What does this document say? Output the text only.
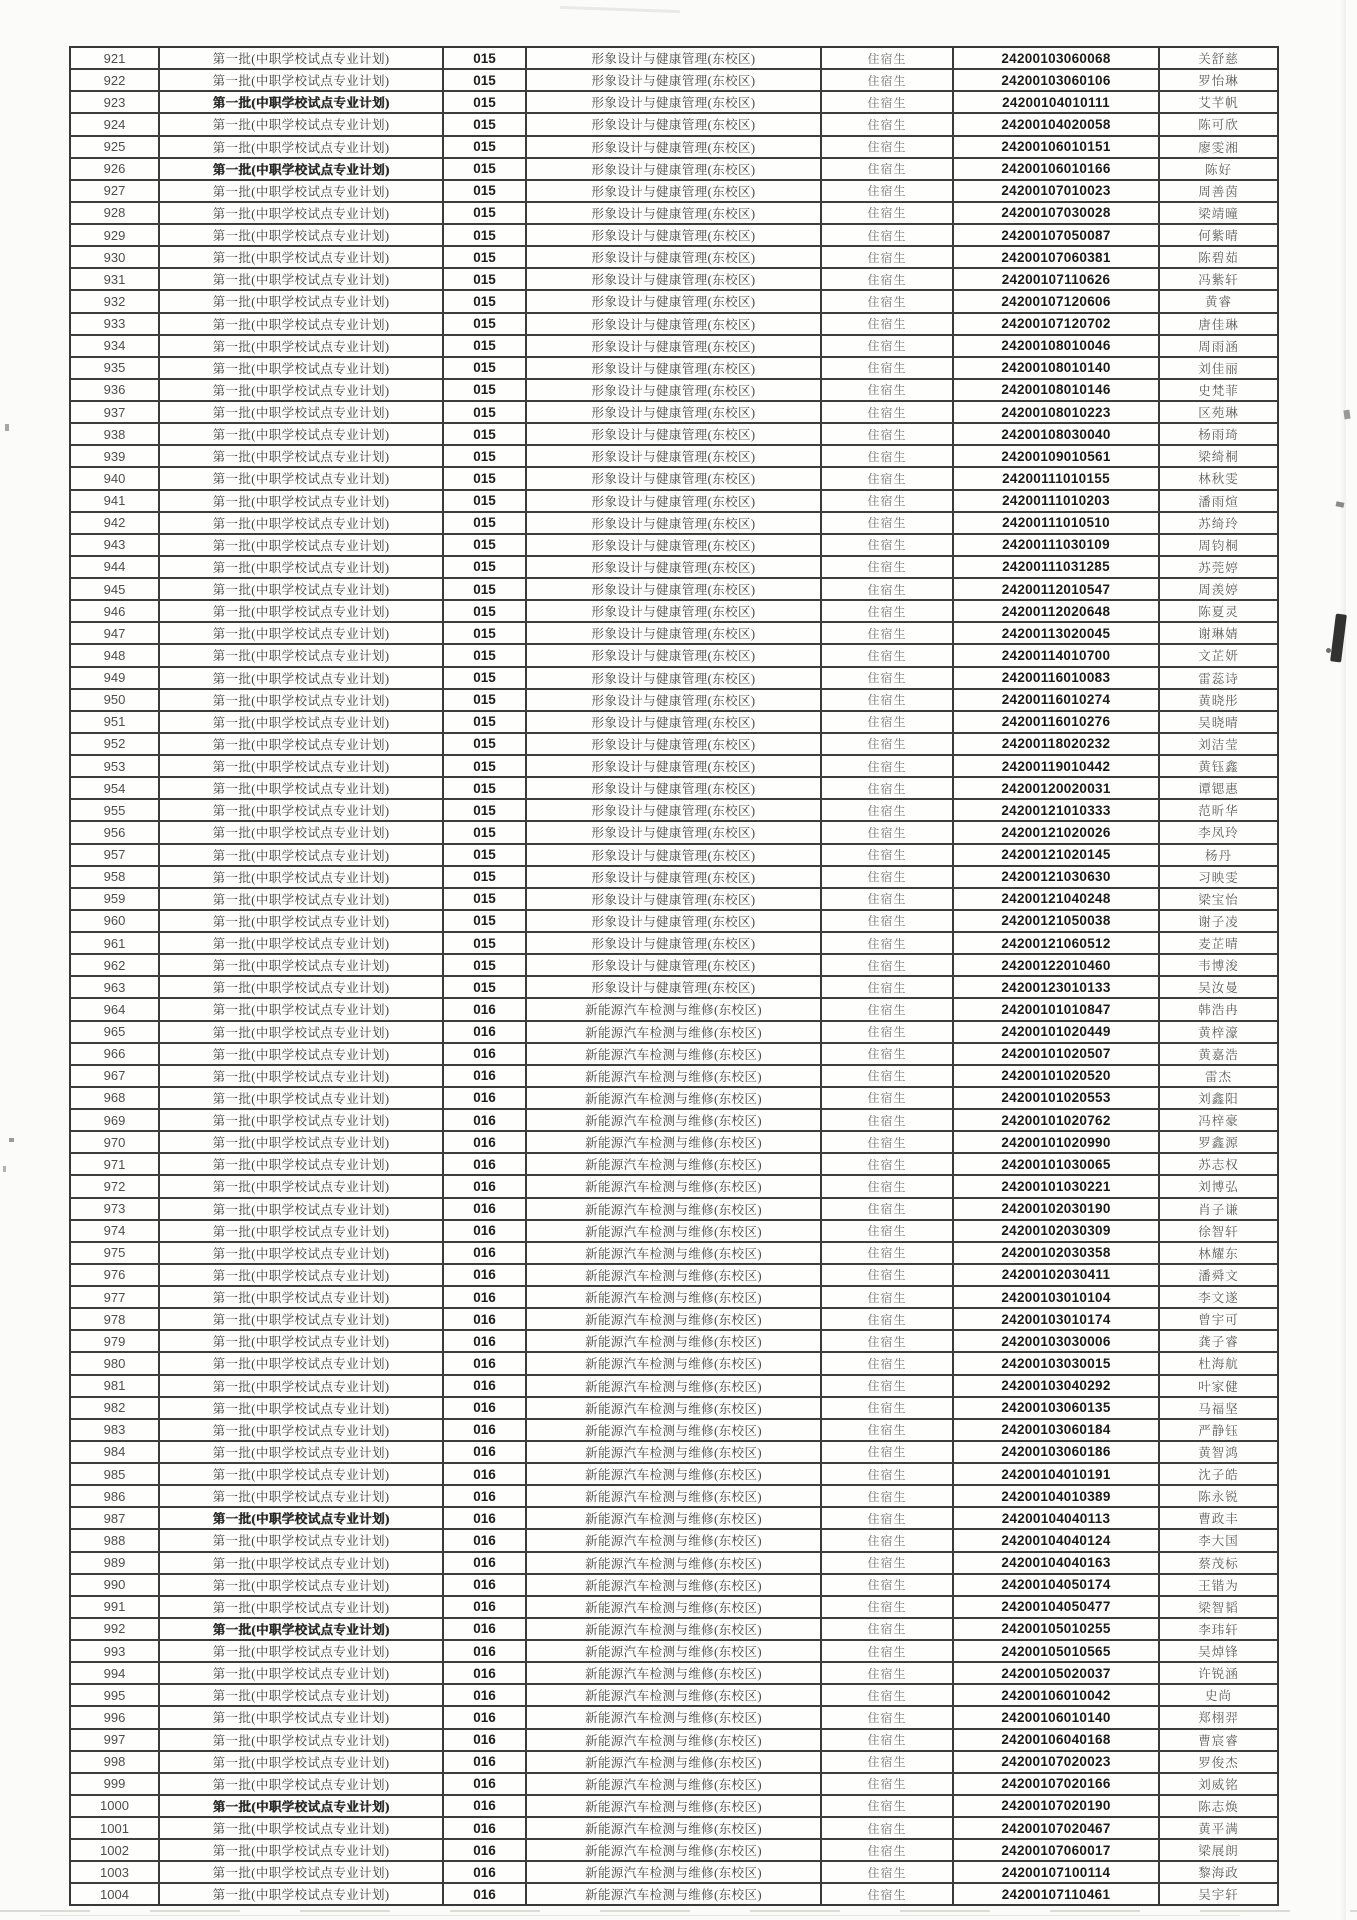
921	第一批(中职学校试点专业计划)	015	形象设计与健康管理(东校区)	住宿生	24200103060068	关舒慈
922	第一批(中职学校试点专业计划)	015	形象设计与健康管理(东校区)	住宿生	24200103060106	罗怡琳
923	第一批(中职学校试点专业计划)	015	形象设计与健康管理(东校区)	住宿生	24200104010111	艾芊帆
924	第一批(中职学校试点专业计划)	015	形象设计与健康管理(东校区)	住宿生	24200104020058	陈可欣
925	第一批(中职学校试点专业计划)	015	形象设计与健康管理(东校区)	住宿生	24200106010151	廖雯湘
926	第一批(中职学校试点专业计划)	015	形象设计与健康管理(东校区)	住宿生	24200106010166	陈好
927	第一批(中职学校试点专业计划)	015	形象设计与健康管理(东校区)	住宿生	24200107010023	周善茵
928	第一批(中职学校试点专业计划)	015	形象设计与健康管理(东校区)	住宿生	24200107030028	梁靖曈
929	第一批(中职学校试点专业计划)	015	形象设计与健康管理(东校区)	住宿生	24200107050087	何紫晴
930	第一批(中职学校试点专业计划)	015	形象设计与健康管理(东校区)	住宿生	24200107060381	陈碧茹
931	第一批(中职学校试点专业计划)	015	形象设计与健康管理(东校区)	住宿生	24200107110626	冯紫轩
932	第一批(中职学校试点专业计划)	015	形象设计与健康管理(东校区)	住宿生	24200107120606	黄睿
933	第一批(中职学校试点专业计划)	015	形象设计与健康管理(东校区)	住宿生	24200107120702	唐佳琳
934	第一批(中职学校试点专业计划)	015	形象设计与健康管理(东校区)	住宿生	24200108010046	周雨涵
935	第一批(中职学校试点专业计划)	015	形象设计与健康管理(东校区)	住宿生	24200108010140	刘佳丽
936	第一批(中职学校试点专业计划)	015	形象设计与健康管理(东校区)	住宿生	24200108010146	史梵菲
937	第一批(中职学校试点专业计划)	015	形象设计与健康管理(东校区)	住宿生	24200108010223	区苑琳
938	第一批(中职学校试点专业计划)	015	形象设计与健康管理(东校区)	住宿生	24200108030040	杨雨琦
939	第一批(中职学校试点专业计划)	015	形象设计与健康管理(东校区)	住宿生	24200109010561	梁绮桐
940	第一批(中职学校试点专业计划)	015	形象设计与健康管理(东校区)	住宿生	24200111010155	林秋雯
941	第一批(中职学校试点专业计划)	015	形象设计与健康管理(东校区)	住宿生	24200111010203	潘雨煊
942	第一批(中职学校试点专业计划)	015	形象设计与健康管理(东校区)	住宿生	24200111010510	苏绮玲
943	第一批(中职学校试点专业计划)	015	形象设计与健康管理(东校区)	住宿生	24200111030109	周钧桐
944	第一批(中职学校试点专业计划)	015	形象设计与健康管理(东校区)	住宿生	24200111031285	苏莞婷
945	第一批(中职学校试点专业计划)	015	形象设计与健康管理(东校区)	住宿生	24200112010547	周羡婷
946	第一批(中职学校试点专业计划)	015	形象设计与健康管理(东校区)	住宿生	24200112020648	陈夏灵
947	第一批(中职学校试点专业计划)	015	形象设计与健康管理(东校区)	住宿生	24200113020045	谢琳婧
948	第一批(中职学校试点专业计划)	015	形象设计与健康管理(东校区)	住宿生	24200114010700	文芷妍
949	第一批(中职学校试点专业计划)	015	形象设计与健康管理(东校区)	住宿生	24200116010083	雷蕊诗
950	第一批(中职学校试点专业计划)	015	形象设计与健康管理(东校区)	住宿生	24200116010274	黄晓彤
951	第一批(中职学校试点专业计划)	015	形象设计与健康管理(东校区)	住宿生	24200116010276	吴晓晴
952	第一批(中职学校试点专业计划)	015	形象设计与健康管理(东校区)	住宿生	24200118020232	刘洁莹
953	第一批(中职学校试点专业计划)	015	形象设计与健康管理(东校区)	住宿生	24200119010442	黄钰鑫
954	第一批(中职学校试点专业计划)	015	形象设计与健康管理(东校区)	住宿生	24200120020031	谭锶惠
955	第一批(中职学校试点专业计划)	015	形象设计与健康管理(东校区)	住宿生	24200121010333	范昕华
956	第一批(中职学校试点专业计划)	015	形象设计与健康管理(东校区)	住宿生	24200121020026	李凤玲
957	第一批(中职学校试点专业计划)	015	形象设计与健康管理(东校区)	住宿生	24200121020145	杨丹
958	第一批(中职学校试点专业计划)	015	形象设计与健康管理(东校区)	住宿生	24200121030630	习映雯
959	第一批(中职学校试点专业计划)	015	形象设计与健康管理(东校区)	住宿生	24200121040248	梁宝怡
960	第一批(中职学校试点专业计划)	015	形象设计与健康管理(东校区)	住宿生	24200121050038	谢子凌
961	第一批(中职学校试点专业计划)	015	形象设计与健康管理(东校区)	住宿生	24200121060512	麦芷晴
962	第一批(中职学校试点专业计划)	015	形象设计与健康管理(东校区)	住宿生	24200122010460	韦博浚
963	第一批(中职学校试点专业计划)	015	形象设计与健康管理(东校区)	住宿生	24200123010133	吴汝曼
964	第一批(中职学校试点专业计划)	016	新能源汽车检测与维修(东校区)	住宿生	24200101010847	韩浩冉
965	第一批(中职学校试点专业计划)	016	新能源汽车检测与维修(东校区)	住宿生	24200101020449	黄梓濠
966	第一批(中职学校试点专业计划)	016	新能源汽车检测与维修(东校区)	住宿生	24200101020507	黄嘉浩
967	第一批(中职学校试点专业计划)	016	新能源汽车检测与维修(东校区)	住宿生	24200101020520	雷杰
968	第一批(中职学校试点专业计划)	016	新能源汽车检测与维修(东校区)	住宿生	24200101020553	刘鑫阳
969	第一批(中职学校试点专业计划)	016	新能源汽车检测与维修(东校区)	住宿生	24200101020762	冯梓豪
970	第一批(中职学校试点专业计划)	016	新能源汽车检测与维修(东校区)	住宿生	24200101020990	罗鑫源
971	第一批(中职学校试点专业计划)	016	新能源汽车检测与维修(东校区)	住宿生	24200101030065	苏志权
972	第一批(中职学校试点专业计划)	016	新能源汽车检测与维修(东校区)	住宿生	24200101030221	刘博弘
973	第一批(中职学校试点专业计划)	016	新能源汽车检测与维修(东校区)	住宿生	24200102030190	肖子谦
974	第一批(中职学校试点专业计划)	016	新能源汽车检测与维修(东校区)	住宿生	24200102030309	徐智轩
975	第一批(中职学校试点专业计划)	016	新能源汽车检测与维修(东校区)	住宿生	24200102030358	林耀东
976	第一批(中职学校试点专业计划)	016	新能源汽车检测与维修(东校区)	住宿生	24200102030411	潘舜文
977	第一批(中职学校试点专业计划)	016	新能源汽车检测与维修(东校区)	住宿生	24200103010104	李文遂
978	第一批(中职学校试点专业计划)	016	新能源汽车检测与维修(东校区)	住宿生	24200103010174	曾宇可
979	第一批(中职学校试点专业计划)	016	新能源汽车检测与维修(东校区)	住宿生	24200103030006	龚子睿
980	第一批(中职学校试点专业计划)	016	新能源汽车检测与维修(东校区)	住宿生	24200103030015	杜海航
981	第一批(中职学校试点专业计划)	016	新能源汽车检测与维修(东校区)	住宿生	24200103040292	叶家健
982	第一批(中职学校试点专业计划)	016	新能源汽车检测与维修(东校区)	住宿生	24200103060135	马福坚
983	第一批(中职学校试点专业计划)	016	新能源汽车检测与维修(东校区)	住宿生	24200103060184	严静钰
984	第一批(中职学校试点专业计划)	016	新能源汽车检测与维修(东校区)	住宿生	24200103060186	黄智鸿
985	第一批(中职学校试点专业计划)	016	新能源汽车检测与维修(东校区)	住宿生	24200104010191	沈子皓
986	第一批(中职学校试点专业计划)	016	新能源汽车检测与维修(东校区)	住宿生	24200104010389	陈永锐
987	第一批(中职学校试点专业计划)	016	新能源汽车检测与维修(东校区)	住宿生	24200104040113	曹政丰
988	第一批(中职学校试点专业计划)	016	新能源汽车检测与维修(东校区)	住宿生	24200104040124	李大国
989	第一批(中职学校试点专业计划)	016	新能源汽车检测与维修(东校区)	住宿生	24200104040163	蔡茂标
990	第一批(中职学校试点专业计划)	016	新能源汽车检测与维修(东校区)	住宿生	24200104050174	王锴为
991	第一批(中职学校试点专业计划)	016	新能源汽车检测与维修(东校区)	住宿生	24200104050477	梁智韬
992	第一批(中职学校试点专业计划)	016	新能源汽车检测与维修(东校区)	住宿生	24200105010255	李玮轩
993	第一批(中职学校试点专业计划)	016	新能源汽车检测与维修(东校区)	住宿生	24200105010565	吴焯锋
994	第一批(中职学校试点专业计划)	016	新能源汽车检测与维修(东校区)	住宿生	24200105020037	许锐涵
995	第一批(中职学校试点专业计划)	016	新能源汽车检测与维修(东校区)	住宿生	24200106010042	史尚
996	第一批(中职学校试点专业计划)	016	新能源汽车检测与维修(东校区)	住宿生	24200106010140	郑栩羿
997	第一批(中职学校试点专业计划)	016	新能源汽车检测与维修(东校区)	住宿生	24200106040168	曹宸睿
998	第一批(中职学校试点专业计划)	016	新能源汽车检测与维修(东校区)	住宿生	24200107020023	罗俊杰
999	第一批(中职学校试点专业计划)	016	新能源汽车检测与维修(东校区)	住宿生	24200107020166	刘威铭
1000	第一批(中职学校试点专业计划)	016	新能源汽车检测与维修(东校区)	住宿生	24200107020190	陈志焕
1001	第一批(中职学校试点专业计划)	016	新能源汽车检测与维修(东校区)	住宿生	24200107020467	黄平满
1002	第一批(中职学校试点专业计划)	016	新能源汽车检测与维修(东校区)	住宿生	24200107060017	梁展朗
1003	第一批(中职学校试点专业计划)	016	新能源汽车检测与维修(东校区)	住宿生	24200107100114	黎海政
1004	第一批(中职学校试点专业计划)	016	新能源汽车检测与维修(东校区)	住宿生	24200107110461	吴宇轩
